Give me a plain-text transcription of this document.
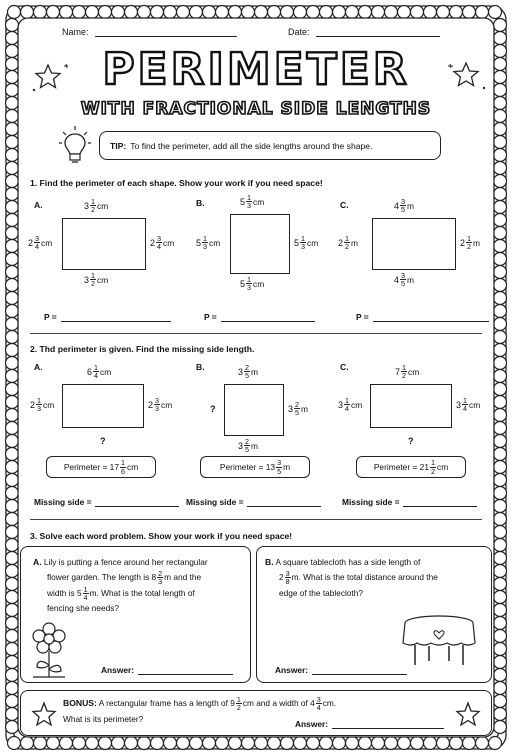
Name:	Date:
PERIMETER
WITH FRACTIONAL SIDE LENGTHS
TIP: To find the perimeter, add all the side lengths around the shape.
1. Find the perimeter of each shape. Show your work if you need space!
A.	$3 \frac{1}{2}$ cm
$3 \frac{1}{2}$ cm
$2 \frac{3}{4}$ cm	$2 \frac{3}{4}$ cm
P =
B.	$5 \frac{1}{3}$ cm
$5 \frac{1}{3}$ cm
$5 \frac{1}{3}$ cm	$5 \frac{1}{3}$ cm
P =
C.	$4 \frac{3}{5}$ m
$4 \frac{3}{5}$ m
$2 \frac{1}{2}$ m	$2 \frac{1}{2}$ m
P =
2. Thd perimeter is given. Find the missing side length.
A.	$6 \frac{1}{4}$ cm
?
$2 \frac{1}{3}$ cm	$2 \frac{3}{3}$ cm
Perimeter = $17 \frac{1}{6}$ cm
Missing side =
B.	$3 \frac{2}{5}$ m
$3 \frac{2}{5}$ m
?	$3 \frac{2}{5}$ m
Perimeter = $13 \frac{3}{5}$ m
Missing side =
C.	$7 \frac{1}{2}$ cm
?
$3 \frac{1}{4}$ cm	$3 \frac{1}{4}$ cm
Perimeter = $21 \frac{1}{2}$ cm
Missing side =
3. Solve each word problem. Show your work if you need space!
A. Lily is putting a fence around her rectangular
flower garden. The length is $8 \frac{2}{3}$ m and the
width is $5 \frac{1}{4} m$. What is the total length of
fencing she needs?
Answer:
B. A square tablecloth has a side length of
$2 \frac{3}{8} m$. What is the total distance around the
edge of the tablecloth?
Answer:
BONUS: A rectangular frame has a length of $9 \frac{1}{2}$ cm and a width of $4 \frac{3}{4}$ cm.
What is its perimeter?
Answer:
